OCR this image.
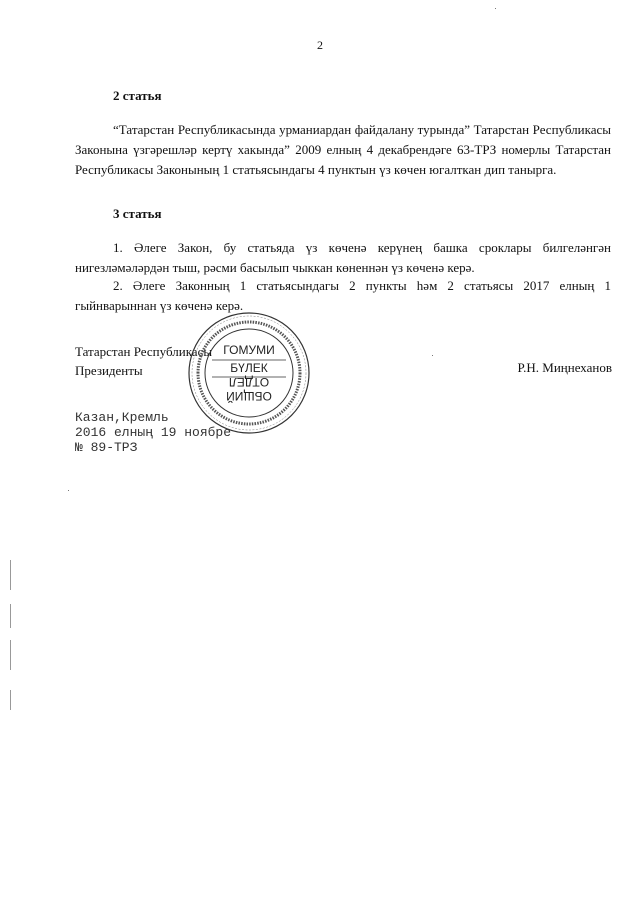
2
2 статья

“Татарстан Республикасында урманиардан файдалану турында” Татарстан Республикасы Законына үзгәрешләр кертү хакында” 2009 елның 4 декабрендәге 63-ТРЗ номерлы Татарстан Республикасы Законының 1 статьясындагы 4 пунктын үз көчен югалткан дип танырга.

3 статья

1. Әлеге Закон, бу статьяда үз көченә керүнең башка сроклары билгеләнгән нигезләмәләрдән тыш, рәсми басылып чыккан көненнән үз көченә керә.

2. Әлеге Законның 1 статьясындагы 2 пункты һәм 2 статьясы 2017 елның 1 гыйнварыннан үз көченә керә.

Татарстан Республикасы
Президенты	Р.Н. Миңнеханов
ГОМУМИ
БҮЛЕК
ОБЩИЙ
ОТДЕЛ
Казан,Кремль
2016 елның 19 ноябре
№ 89-ТРЗ
